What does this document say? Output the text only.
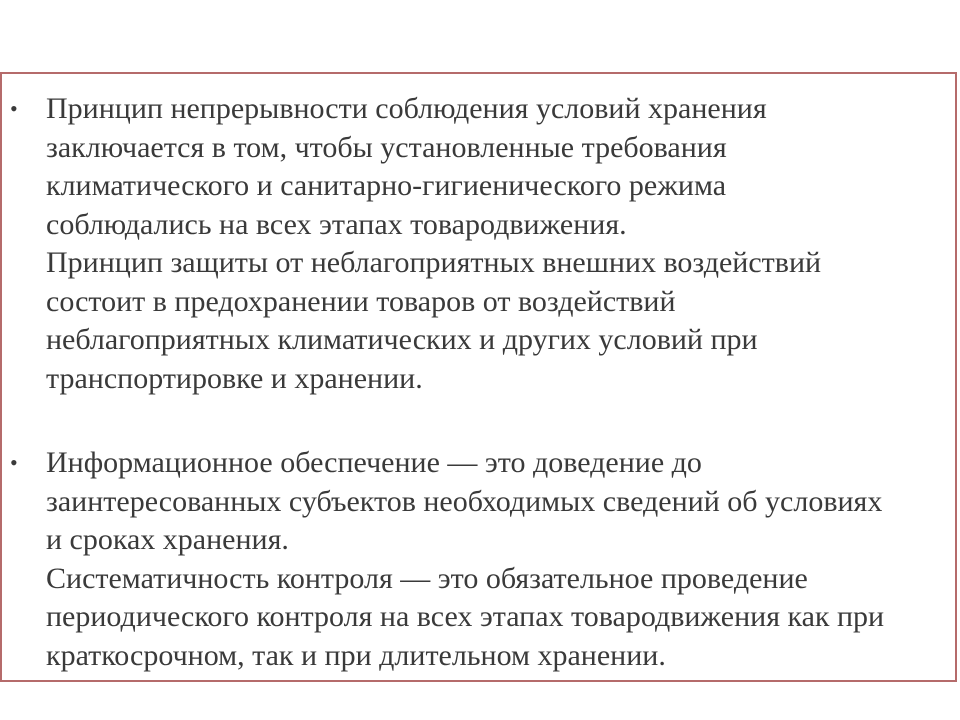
• Принцип непрерывности соблюдения условий хранения
заключается в том, чтобы установленные требования
климатического и санитарно-гигиенического режима
соблюдались на всех этапах товародвижения.
Принцип защиты от неблагоприятных внешних воздействий
состоит в предохранении товаров от воздействий
неблагоприятных климатических и других условий при
транспортировке и хранении.

• Информационное обеспечение — это доведение до
заинтересованных субъектов необходимых сведений об условиях
и сроках хранения.
Систематичность контроля — это обязательное проведение
периодического контроля на всех этапах товародвижения как при
краткосрочном, так и при длительном хранении.
